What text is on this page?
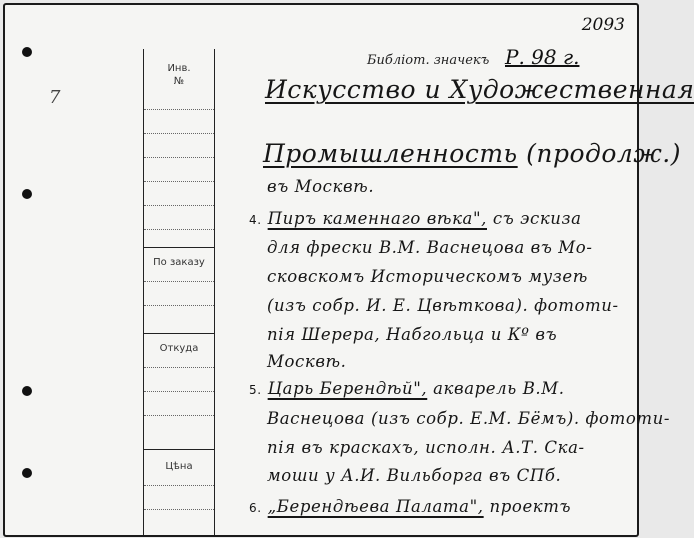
7
2093
Инв.
№
По заказу
Откуда
Цѣна
Библіот. значекъ Р. 98 г.
Искусство и Художественная
Промышленность (продолж.)
въ Москвѣ.
4. Пиръ каменнаго вѣка", съ эскиза
для фрески В.М. Васнецова въ Мо-
сковскомъ Историческомъ музеѣ
(изъ собр. И. Е. Цвѣткова). фототи-
пія Шерера, Набгольца и Кº въ
Москвѣ.
5. Царь Берендѣй", акварель В.М.
Васнецова (изъ собр. Е.М. Бёмъ). фототи-
пія въ краскахъ, исполн. А.Т. Ска-
моши у А.И. Вильборга въ СПб.
6. „Берендѣева Палата", проектъ
